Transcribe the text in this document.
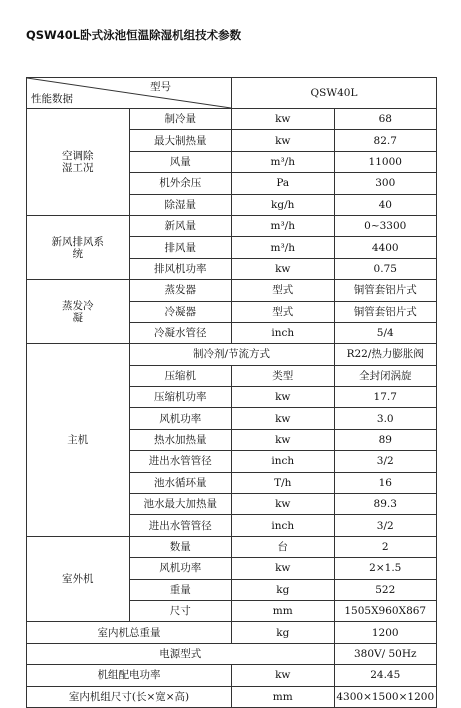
QSW40L卧式泳池恒温除湿机组技术参数
型号
性能数据		QSW40L	
空调除湿工况	制冷量	kw	68
	最大制热量	kw	82.7
	风量	m³/h	11000
	机外余压	Pa	300
	除湿量	kg/h	40
新风排风系统	新风量	m³/h	0~3300
	排风量	m³/h	4400
	排风机功率	kw	0.75
蒸发冷凝	蒸发器	型式	铜管套铝片式
	冷凝器	型式	铜管套铝片式
	冷凝水管径	inch	5/4
主机	制冷剂/节流方式		R22/热力膨胀阀
	压缩机	类型	全封闭涡旋
	压缩机功率	kw	17.7
	风机功率	kw	3.0
	热水加热量	kw	89
	进出水管管径	inch	3/2
	池水循环量	T/h	16
	池水最大加热量	kw	89.3
	进出水管管径	inch	3/2
室外机	数量	台	2
	风机功率	kw	2×1.5
	重量	kg	522
	尺寸	mm	1505X960X867
室内机总重量		kg	1200
电源型式			380V/ 50Hz
机组配电功率		kw	24.45
室内机组尺寸(长×宽×高)		mm	4300×1500×1200
